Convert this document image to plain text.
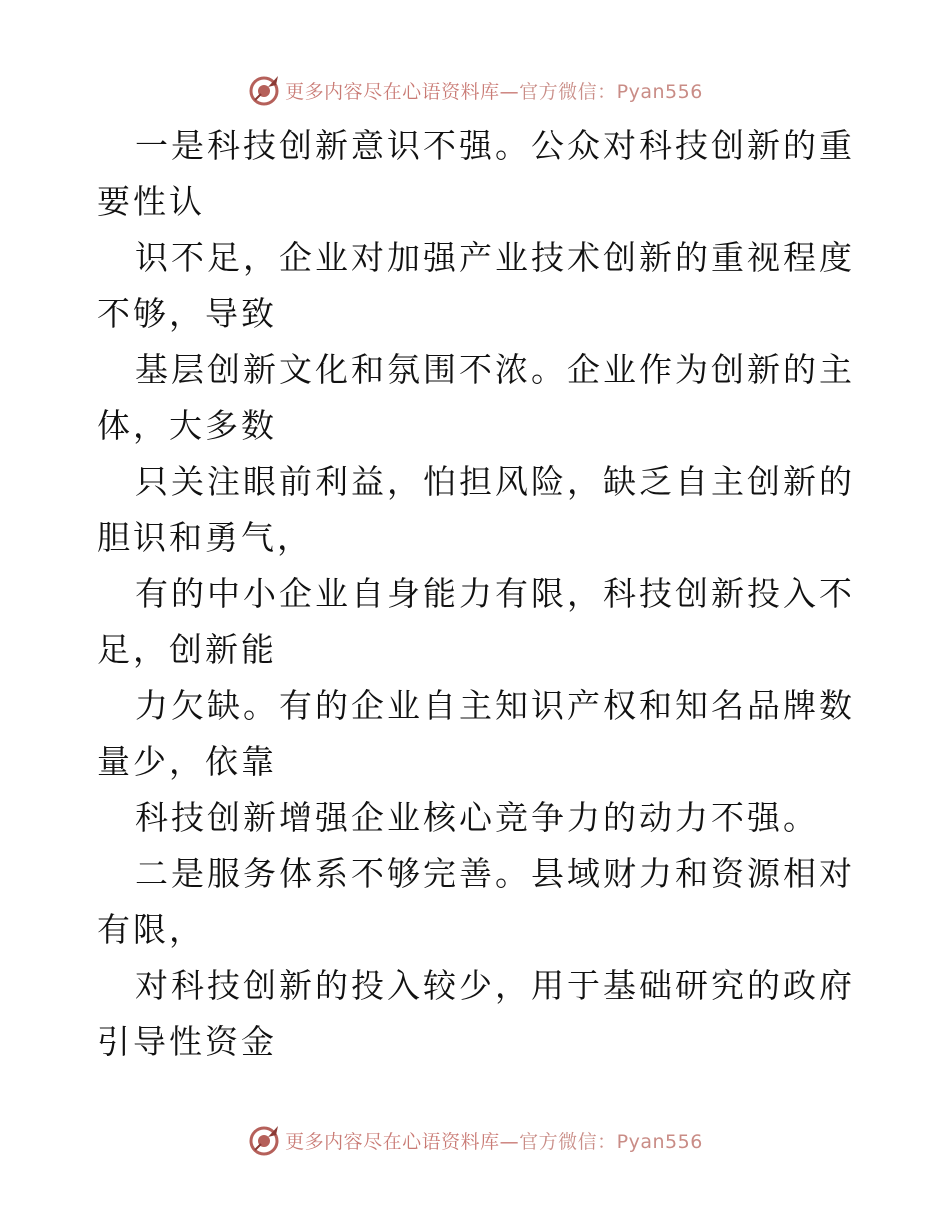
更多内容尽在心语资料库—官方微信：Pyan556

一是科技创新意识不强。公众对科技创新的重要性认

识不足，企业对加强产业技术创新的重视程度不够，导致

基层创新文化和氛围不浓。企业作为创新的主体，大多数

只关注眼前利益，怕担风险，缺乏自主创新的胆识和勇气，

有的中小企业自身能力有限，科技创新投入不足，创新能

力欠缺。有的企业自主知识产权和知名品牌数量少，依靠

科技创新增强企业核心竞争力的动力不强。

二是服务体系不够完善。县域财力和资源相对有限，

对科技创新的投入较少，用于基础研究的政府引导性资金

更多内容尽在心语资料库—官方微信：Pyan556
